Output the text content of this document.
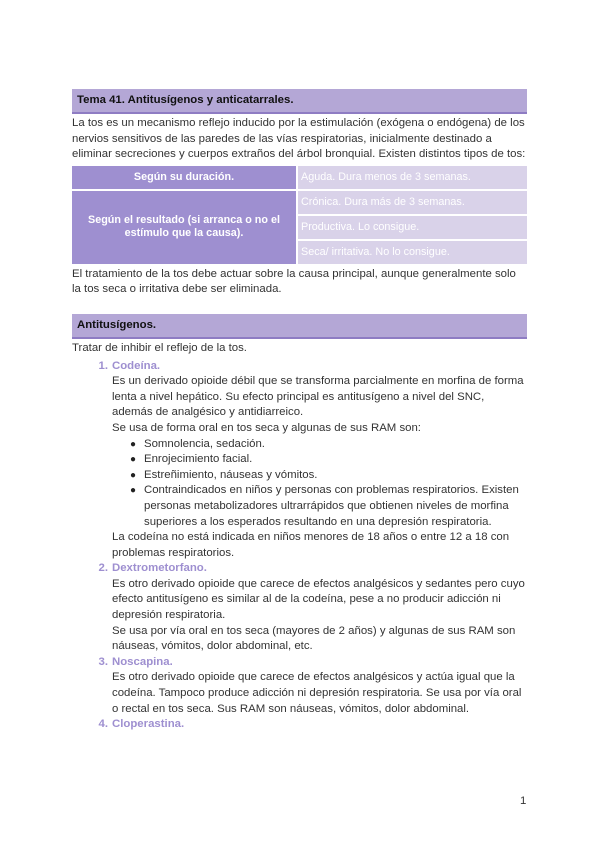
Tema 41. Antitusígenos y anticatarrales.

La tos es un mecanismo reflejo inducido por la estimulación (exógena o endógena) de los nervios sensitivos de las paredes de las vías respiratorias, inicialmente destinado a eliminar secreciones y cuerpos extraños del árbol bronquial. Existen distintos tipos de tos:

Según su duración.	Aguda. Dura menos de 3 semanas.
Según el resultado (si arranca o no el estímulo que la causa).	Crónica. Dura más de 3 semanas.
	Productiva. Lo consigue.
	Seca/ irritativa. No lo consigue.

El tratamiento de la tos debe actuar sobre la causa principal, aunque generalmente solo la tos seca o irritativa debe ser eliminada.

Antitusígenos.

Tratar de inhibir el reflejo de la tos.

1. Codeína.

Es un derivado opioide débil que se transforma parcialmente en morfina de forma lenta a nivel hepático. Su efecto principal es antitusígeno a nivel del SNC, además de analgésico y antidiarreico.

Se usa de forma oral en tos seca y algunas de sus RAM son:

● Somnolencia, sedación.
● Enrojecimiento facial.
● Estreñimiento, náuseas y vómitos.
● Contraindicados en niños y personas con problemas respiratorios. Existen personas metabolizadores ultrarrápidos que obtienen niveles de morfina superiores a los esperados resultando en una depresión respiratoria.

La codeína no está indicada en niños menores de 18 años o entre 12 a 18 con problemas respiratorios.

2. Dextrometorfano.

Es otro derivado opioide que carece de efectos analgésicos y sedantes pero cuyo efecto antitusígeno es similar al de la codeína, pese a no producir adicción ni depresión respiratoria.

Se usa por vía oral en tos seca (mayores de 2 años) y algunas de sus RAM son náuseas, vómitos, dolor abdominal, etc.

3. Noscapina.

Es otro derivado opioide que carece de efectos analgésicos y actúa igual que la codeína. Tampoco produce adicción ni depresión respiratoria. Se usa por vía oral o rectal en tos seca. Sus RAM son náuseas, vómitos, dolor abdominal.

4. Cloperastina.
1
